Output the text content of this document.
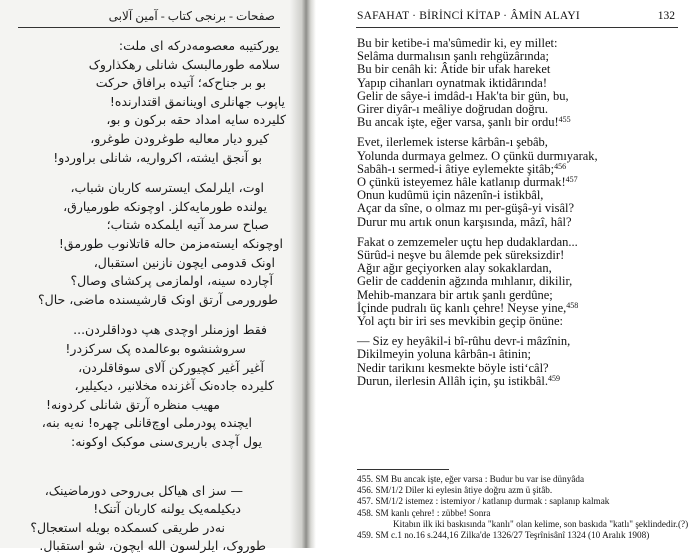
صفحات - برنجی کتاب - آمین آلابی
یورکتیبه معصومه‌درکه ای ملت:
سلامه طورمالبسک شانلی رهکذاروک
بو بر جناح‌که؛ آتیده برافاق حرکت
یاپوب جهانلری اوینانمق اقتدارنده!
کلیرده سایه امداد حقه برکون و بو،
کیرو دیار معالیه طوغرودن طوغرو،
بو آنجق ایشته، اکرواریه، شانلی براوردو!
اوت، ایلرلمک ایسترسه کاربان شباب،
یولنده طورمایه‌کلز. اوچونکه طورمیارق،
صباح سرمد آتیه ایلمکده شتاب؛
اوچونکه ایسته‌مزمن حاله قاتلانوب طورمق!
اونک قدومی ایچون نازنین استقبال،
آچارده سینه، اولمازمی پرکشای وصال؟
طورورمی آرتق اونک قارشیسنده ماضی، حال؟
فقط اوزمنلر اوچدی هپ دوداقلردن...
سروشنشوه بوعالمده پک سرکزدر!
آغیر آغیر کچیورکن آلای سوقاقلردن،
کلیرده جاده‌نک آغزنده مخلانیر، دیکیلیر،
مهیب منظره آرتق شانلی کردونه!
ایچنده پودرملی اوچ‌قانلی چهره! نه‌یه بنه،
یول آچدی باریری‌سنی موکبک اوکونه:
— سز ای هیاکل بی‌روحی دورماضینک،
دیکیلمه‌یک یولنه کاربان آتنک!
نه‌در طریقی کسمکده بویله استعجال؟
طوروک، ایلرلسون الله ایچون، شو استقبال.
SAFAHAT · BİRİNCİ KİTAP · ÂMİN ALAYI	132
Bu bir ketibe-i ma'sûmedir ki, ey millet:
Selâma durmalısın şanlı rehgüzârında;
Bu bir cenâh ki: Âtide bir ufak hareket
Yapıp cihanları oynatmak iktidârında!
Gelir de sâye-i imdâd-ı Hak'ta bir gün, bu,
Girer diyâr-ı meâliye doğrudan doğru.
Bu ancak işte, eğer varsa, şanlı bir ordu!$^{455}$
Evet, ilerlemek isterse kârbân-ı şebâb,
Yolunda durmaya gelmez. O çünkü durmıyarak,
Sabâh-ı sermed-i âtiye eylemekte şitâb;$^{456}$
O çünkü isteyemez hâle katlanıp durmak!$^{457}$
Onun kudûmü için nâzenîn-i istikbâl,
Açar da sîne, o olmaz mı per-güşâ-yi visâl?
Durur mu artık onun karşısında, mâzî, hâl?
Fakat o zemzemeler uçtu hep dudaklardan...
Sürûd-i neşve bu âlemde pek süreksizdir!
Ağır ağır geçiyorken alay sokaklardan,
Gelir de caddenin ağzında mıhlanır, dikilir,
Mehib-manzara bir artık şanlı gerdûne;
İçinde pudralı üç kanlı çehre! Neyse yine,$^{458}$
Yol açtı bir iri ses mevkibin geçip önüne:
— Siz ey heyâkil-i bî-rûhu devr-i mâzînin,
Dikilmeyin yoluna kârbân-ı âtinin;
Nedir tarikını kesmekte böyle istiʻcâl?
Durun, ilerlesin Allâh için, şu istikbâl.$^{459}$
455. SM Bu ancak işte, eğer varsa : Budur bu var ise dünyâda
456. SM/1/2 Diler ki eylesin âtiye doğru azm ü şitâb.
457. SM/1/2 istemez : istemiyor / katlanıp durmak : saplanıp kalmak
458. SM kanlı çehre! : zübbe! Sonra
Kitabın ilk iki baskısında "kanlı" olan kelime, son baskıda "katlı" şeklindedir.(?)
459. SM c.1 no.16 s.244,16 Zilka'de 1326/27 Teşrînisânî 1324 (10 Aralık 1908)
